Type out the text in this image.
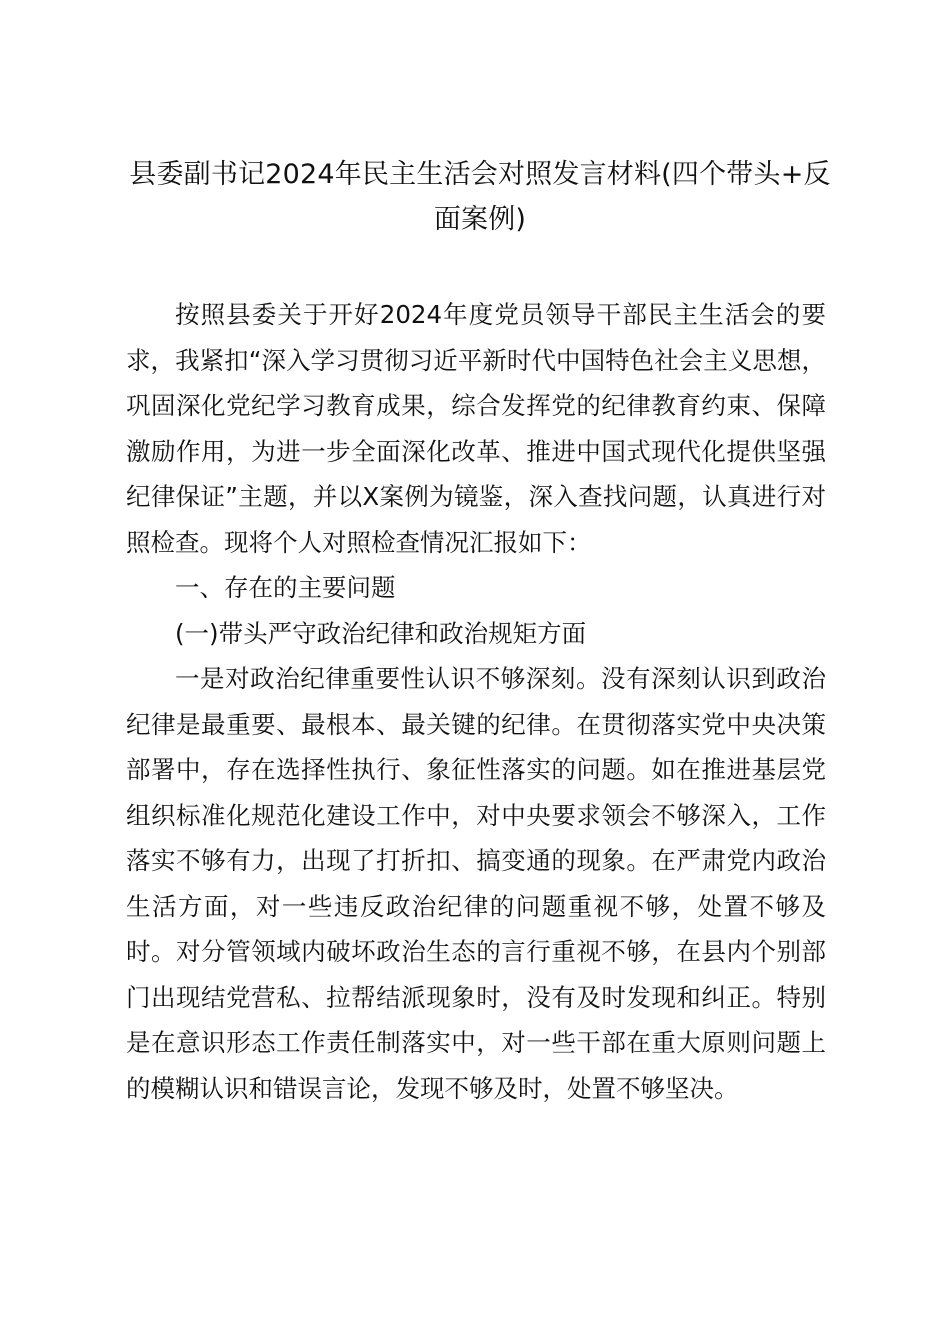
县委副书记2024年民主生活会对照发言材料(四个带头+反面案例)

按照县委关于开好2024年度党员领导干部民主生活会的要求，我紧扣“深入学习贯彻习近平新时代中国特色社会主义思想，巩固深化党纪学习教育成果，综合发挥党的纪律教育约束、保障激励作用，为进一步全面深化改革、推进中国式现代化提供坚强纪律保证”主题，并以X案例为镜鉴，深入查找问题，认真进行对照检查。现将个人对照检查情况汇报如下：

一、存在的主要问题

(一)带头严守政治纪律和政治规矩方面

一是对政治纪律重要性认识不够深刻。没有深刻认识到政治纪律是最重要、最根本、最关键的纪律。在贯彻落实党中央决策部署中，存在选择性执行、象征性落实的问题。如在推进基层党组织标准化规范化建设工作中，对中央要求领会不够深入，工作落实不够有力，出现了打折扣、搞变通的现象。在严肃党内政治生活方面，对一些违反政治纪律的问题重视不够，处置不够及时。对分管领域内破坏政治生态的言行重视不够，在县内个别部门出现结党营私、拉帮结派现象时，没有及时发现和纠正。特别是在意识形态工作责任制落实中，对一些干部在重大原则问题上的模糊认识和错误言论，发现不够及时，处置不够坚决。
